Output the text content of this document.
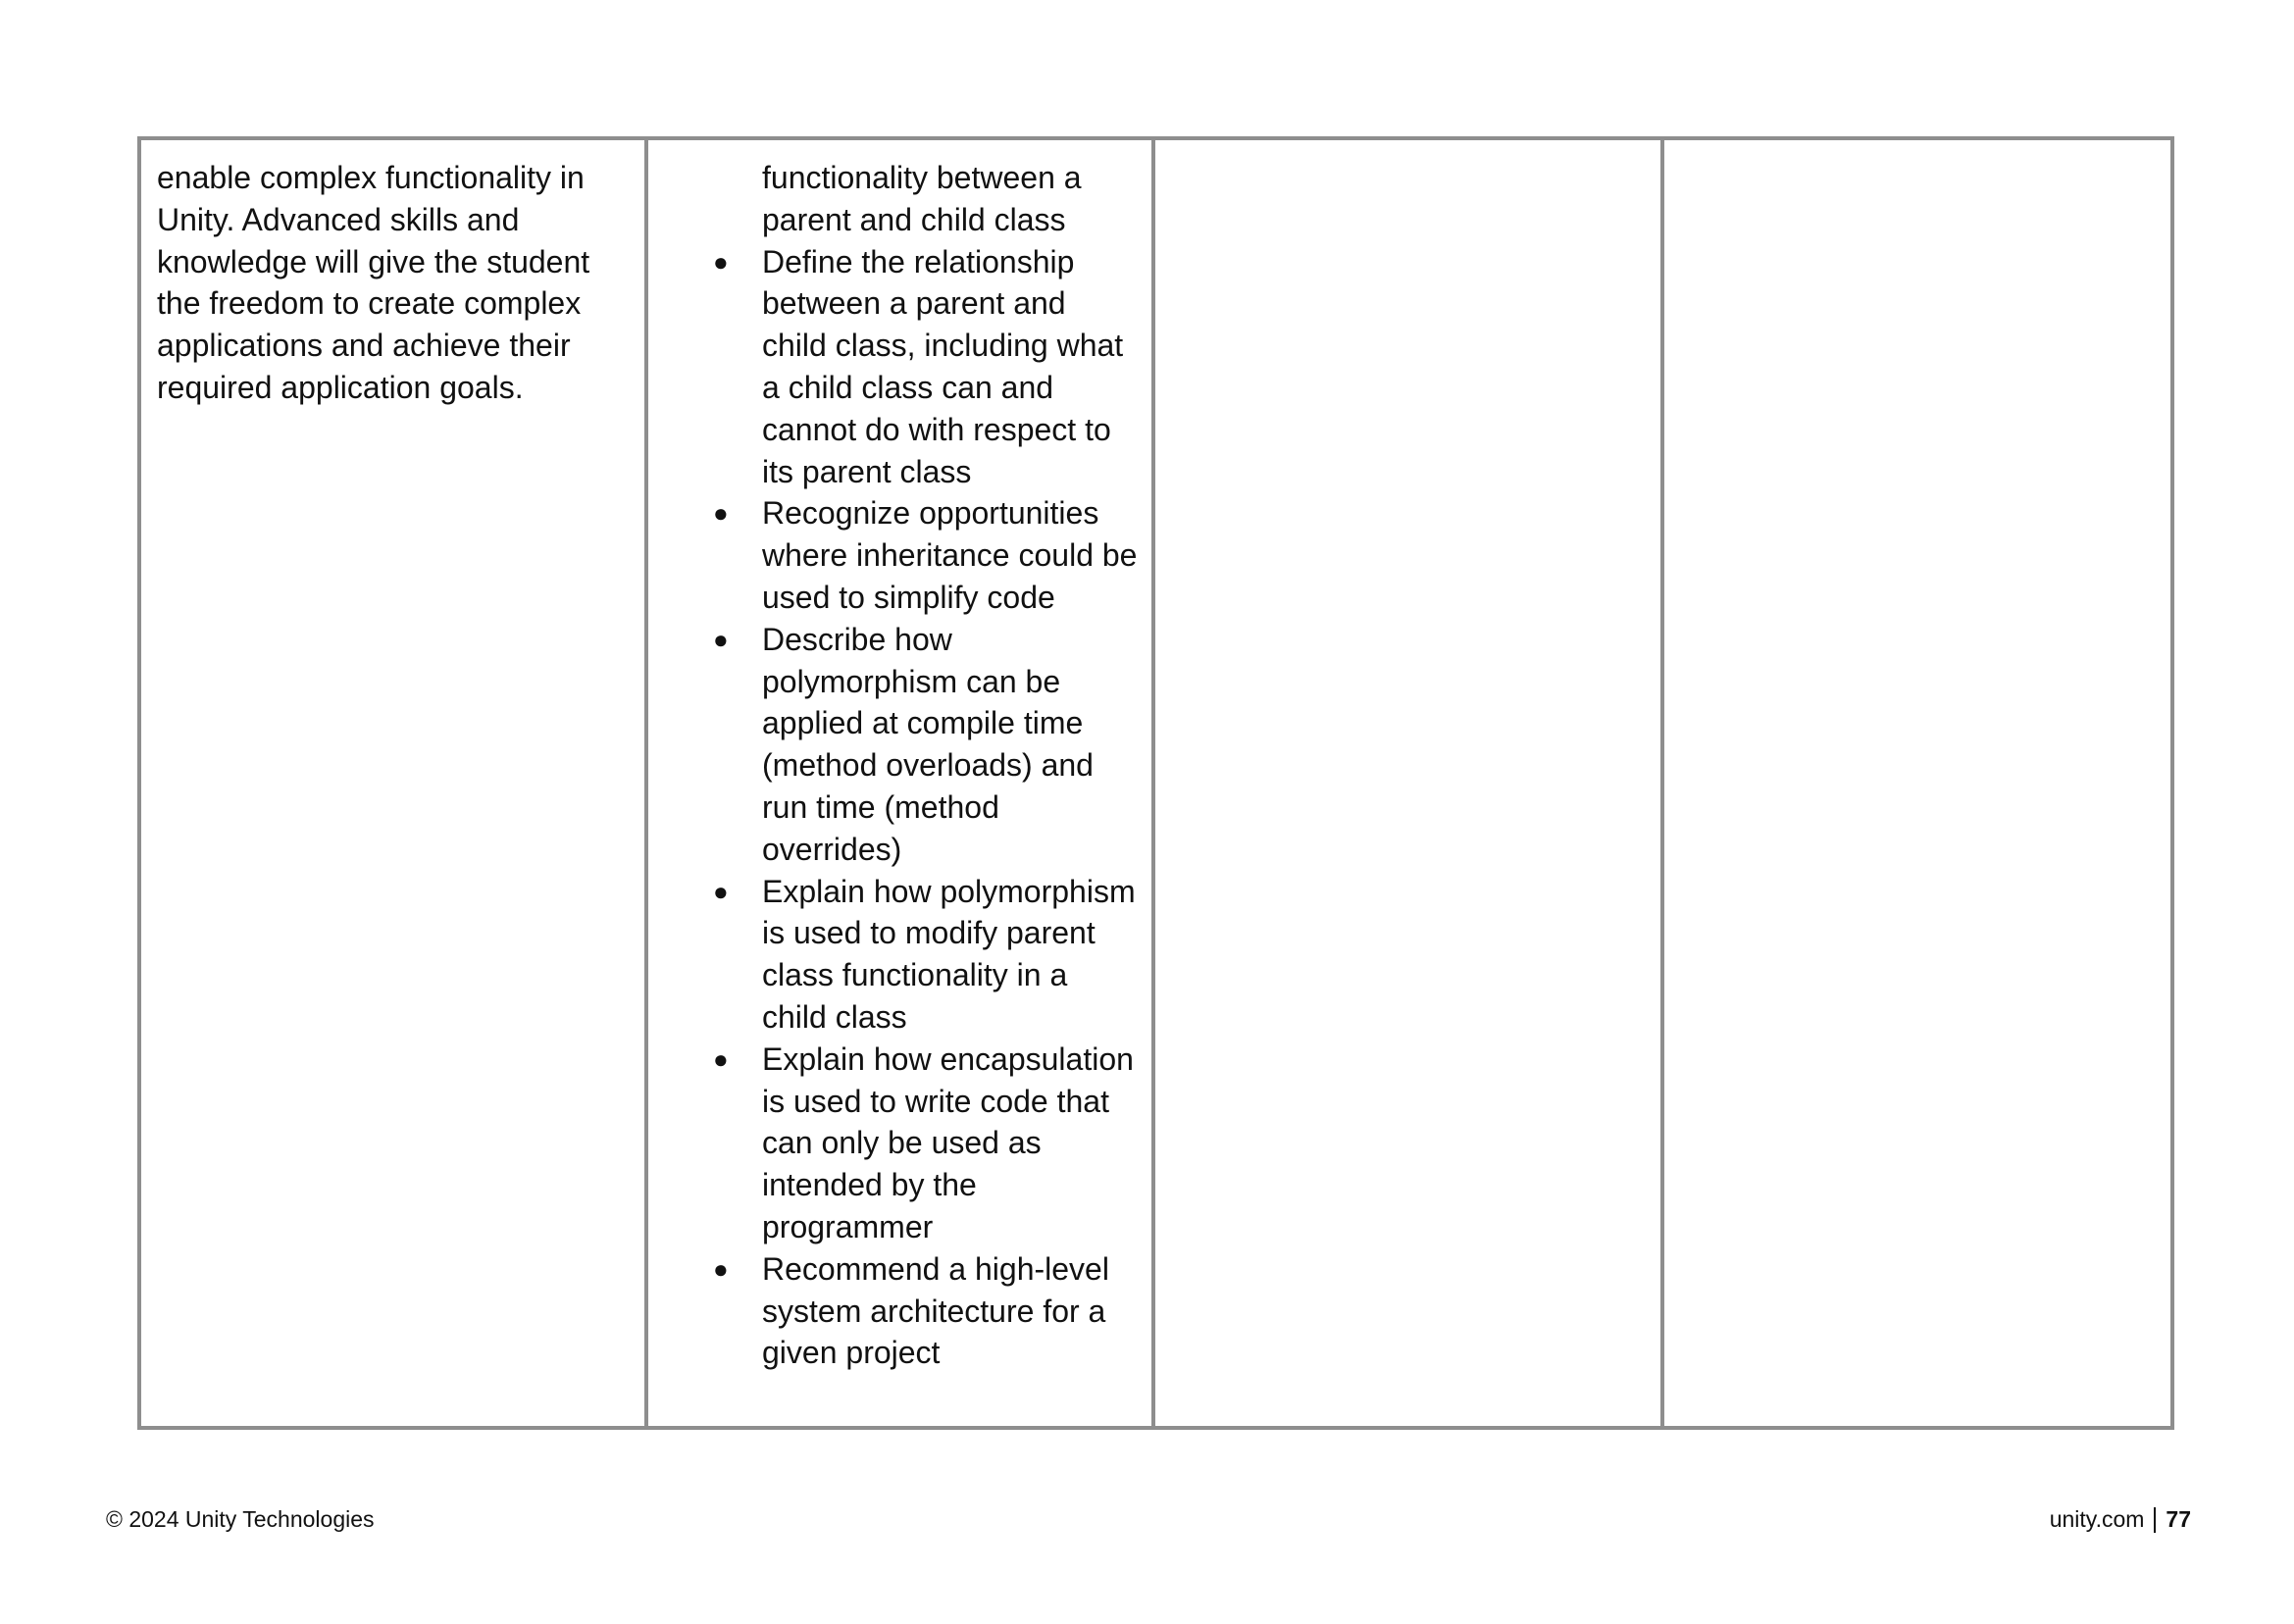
enable complex functionality in Unity. Advanced skills and knowledge will give the student the freedom to create complex applications and achieve their required application goals.

functionality between a parent and child class
● Define the relationship between a parent and child class, including what a child class can and cannot do with respect to its parent class
● Recognize opportunities where inheritance could be used to simplify code
● Describe how polymorphism can be applied at compile time (method overloads) and run time (method overrides)
● Explain how polymorphism is used to modify parent class functionality in a child class
● Explain how encapsulation is used to write code that can only be used as intended by the programmer
● Recommend a high-level system architecture for a given project

© 2024 Unity Technologies	unity.com 77
